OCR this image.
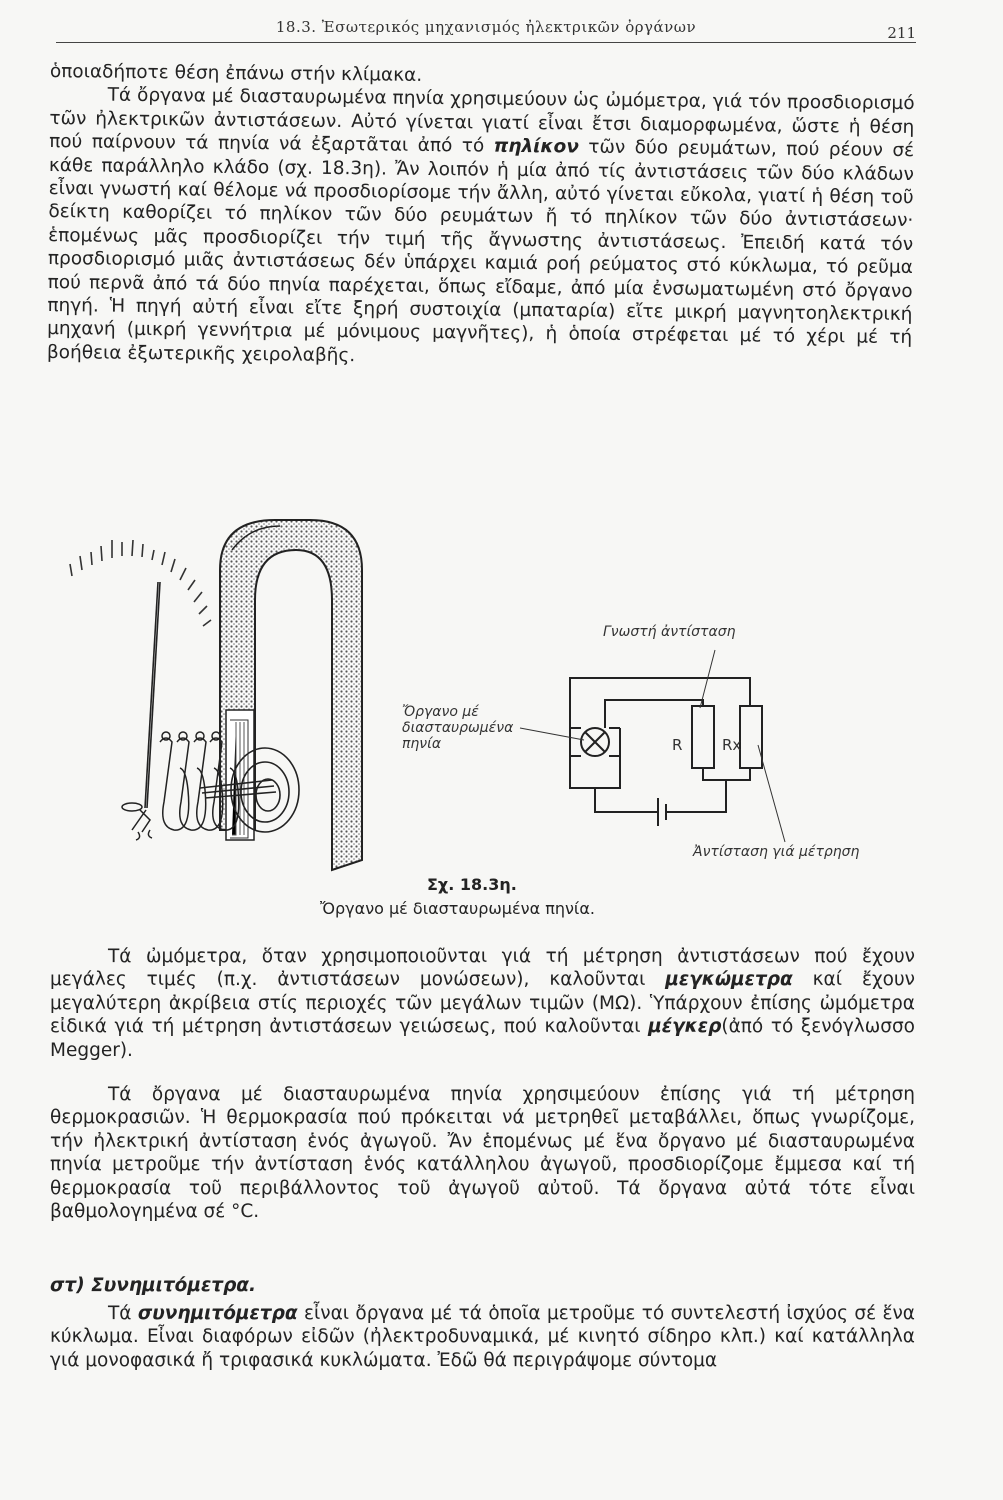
18.3. Ἐσωτερικός μηχανισμός ἠλεκτρικῶν ὀργάνων	211

ὁποιαδήποτε θέση ἐπάνω στήν κλίμακα.
Τά ὄργανα μέ διασταυρωμένα πηνία χρησιμεύουν ὡς ὠμόμετρα, γιά τόν προσδιορισμό τῶν ἠλεκτρικῶν ἀντιστάσεων. Αὐτό γίνεται γιατί εἶναι ἔτσι διαμορφωμένα, ὥστε ἡ θέση πού παίρνουν τά πηνία νά ἐξαρτᾶται ἀπό τό πηλίκον τῶν δύο ρευμάτων, πού ρέουν σέ κάθε παράλληλο κλάδο (σχ. 18.3η). Ἄν λοιπόν ἡ μία ἀπό τίς ἀντιστάσεις τῶν δύο κλάδων εἶναι γνωστή καί θέλομε νά προσδιορίσομε τήν ἄλλη, αὐτό γίνεται εὔκολα, γιατί ἡ θέση τοῦ δείκτη καθορίζει τό πηλίκον τῶν δύο ρευμάτων ἤ τό πηλίκον τῶν δύο ἀντιστάσεων· ἑπομένως μᾶς προσδιορίζει τήν τιμή τῆς ἄγνωστης ἀντιστάσεως. Ἐπειδή κατά τόν προσδιορισμό μιᾶς ἀντιστάσεως δέν ὑπάρχει καμιά ροή ρεύματος στό κύκλωμα, τό ρεῦμα πού περνᾶ ἀπό τά δύο πηνία παρέχεται, ὅπως εἴδαμε, ἀπό μία ἐνσωματωμένη στό ὄργανο πηγή. Ἡ πηγή αὐτή εἶναι εἴτε ξηρή συστοιχία (μπαταρία) εἴτε μικρή μαγνητοηλεκτρική μηχανή (μικρή γεννήτρια μέ μόνιμους μαγνῆτες), ἡ ὁποία στρέφεται μέ τό χέρι μέ τή βοήθεια ἐξωτερικῆς χειρολαβῆς.

Γνωστή ἀντίσταση
Ὄργανο μέ
διασταυρωμένα
πηνία	R	Rx
Ἀντίσταση γιά μέτρηση
Σχ. 18.3η.
Ὄργανο μέ διασταυρωμένα πηνία.

Τά ὠμόμετρα, ὅταν χρησιμοποιοῦνται γιά τή μέτρηση ἀντιστάσεων πού ἔχουν μεγάλες τιμές (π.χ. ἀντιστάσεων μονώσεων), καλοῦνται μεγκώμετρα καί ἔχουν μεγαλύτερη ἀκρίβεια στίς περιοχές τῶν μεγάλων τιμῶν (MΩ). Ὑπάρχουν ἐπίσης ὠμόμετρα εἰδικά γιά τή μέτρηση ἀντιστάσεων γειώσεως, πού καλοῦνται μέγκερ(ἀπό τό ξενόγλωσσο Megger).

Τά ὄργανα μέ διασταυρωμένα πηνία χρησιμεύουν ἐπίσης γιά τή μέτρηση θερμοκρασιῶν. Ἡ θερμοκρασία πού πρόκειται νά μετρηθεῖ μεταβάλλει, ὅπως γνωρίζομε, τήν ἠλεκτρική ἀντίσταση ἑνός ἀγωγοῦ. Ἄν ἑπομένως μέ ἕνα ὄργανο μέ διασταυρωμένα πηνία μετροῦμε τήν ἀντίσταση ἑνός κατάλληλου ἀγωγοῦ, προσδιορίζομε ἔμμεσα καί τή θερμοκρασία τοῦ περιβάλλοντος τοῦ ἀγωγοῦ αὐτοῦ. Τά ὄργανα αὐτά τότε εἶναι βαθμολογημένα σέ °C.

στ) Συνημιτόμετρα.

Τά συνημιτόμετρα εἶναι ὄργανα μέ τά ὁποῖα μετροῦμε τό συντελεστή ἰσχύος σέ ἕνα κύκλωμα. Εἶναι διαφόρων εἰδῶν (ἠλεκτροδυναμικά, μέ κινητό σίδηρο κλπ.) καί κατάλληλα γιά μονοφασικά ἤ τριφασικά κυκλώματα. Ἐδῶ θά περιγράψομε σύντομα
